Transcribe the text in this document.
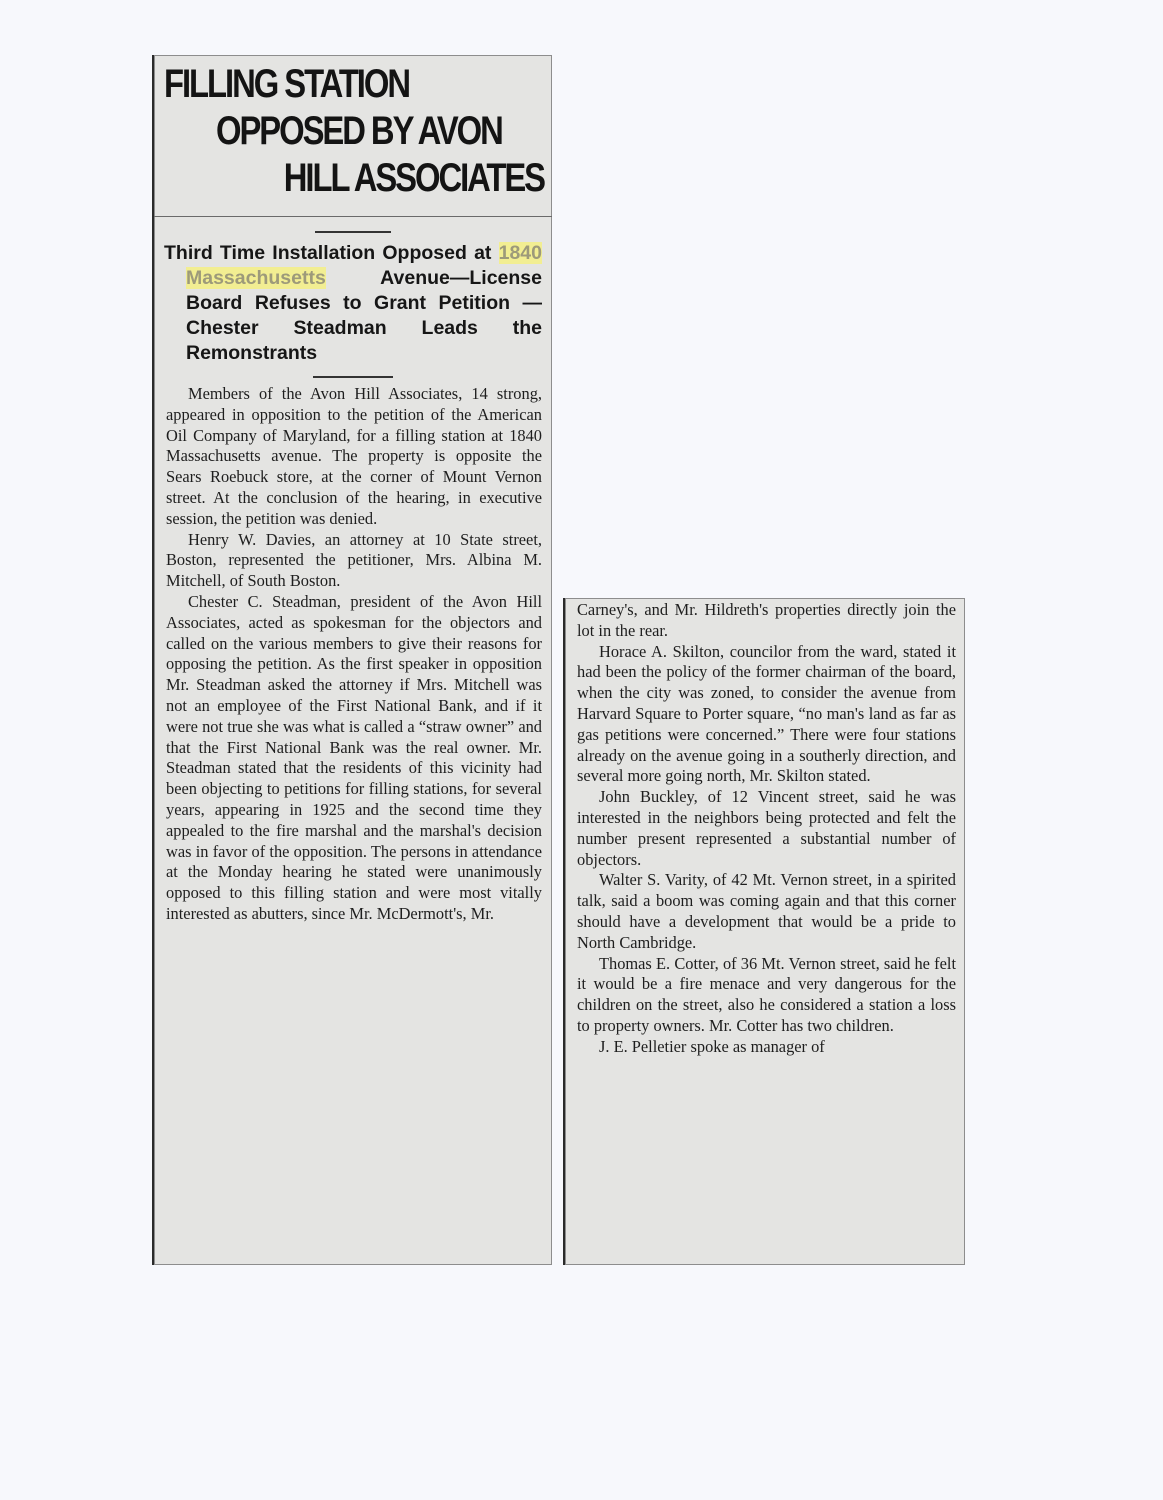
FILLING STATION
OPPOSED BY AVON
HILL ASSOCIATES
Third Time Installation Opposed at 1840 Massachusetts Avenue—License Board Refuses to Grant Petition — Chester Steadman Leads the Remonstrants

Members of the Avon Hill Associates, 14 strong, appeared in opposition to the petition of the American Oil Company of Maryland, for a filling station at 1840 Massachusetts avenue. The property is opposite the Sears Roebuck store, at the corner of Mount Vernon street. At the conclusion of the hearing, in executive session, the petition was denied.

Henry W. Davies, an attorney at 10 State street, Boston, represented the petitioner, Mrs. Albina M. Mitchell, of South Boston.

Chester C. Steadman, president of the Avon Hill Associates, acted as spokesman for the objectors and called on the various members to give their reasons for opposing the petition. As the first speaker in opposition Mr. Steadman asked the attorney if Mrs. Mitchell was not an employee of the First National Bank, and if it were not true she was what is called a “straw owner” and that the First National Bank was the real owner. Mr. Steadman stated that the residents of this vicinity had been objecting to petitions for filling stations, for several years, appearing in 1925 and the second time they appealed to the fire marshal and the marshal's decision was in favor of the opposition. The persons in attendance at the Monday hearing he stated were unanimously opposed to this filling station and were most vitally interested as abutters, since Mr. McDermott's, Mr.

Carney's, and Mr. Hildreth's properties directly join the lot in the rear.

Horace A. Skilton, councilor from the ward, stated it had been the policy of the former chairman of the board, when the city was zoned, to consider the avenue from Harvard Square to Porter square, “no man's land as far as gas petitions were concerned.” There were four stations already on the avenue going in a southerly direction, and several more going north, Mr. Skilton stated.

John Buckley, of 12 Vincent street, said he was interested in the neighbors being protected and felt the number present represented a substantial number of objectors.

Walter S. Varity, of 42 Mt. Vernon street, in a spirited talk, said a boom was coming again and that this corner should have a development that would be a pride to North Cambridge.

Thomas E. Cotter, of 36 Mt. Vernon street, said he felt it would be a fire menace and very dangerous for the children on the street, also he considered a station a loss to property owners. Mr. Cotter has two children.

J. E. Pelletier spoke as manager of
